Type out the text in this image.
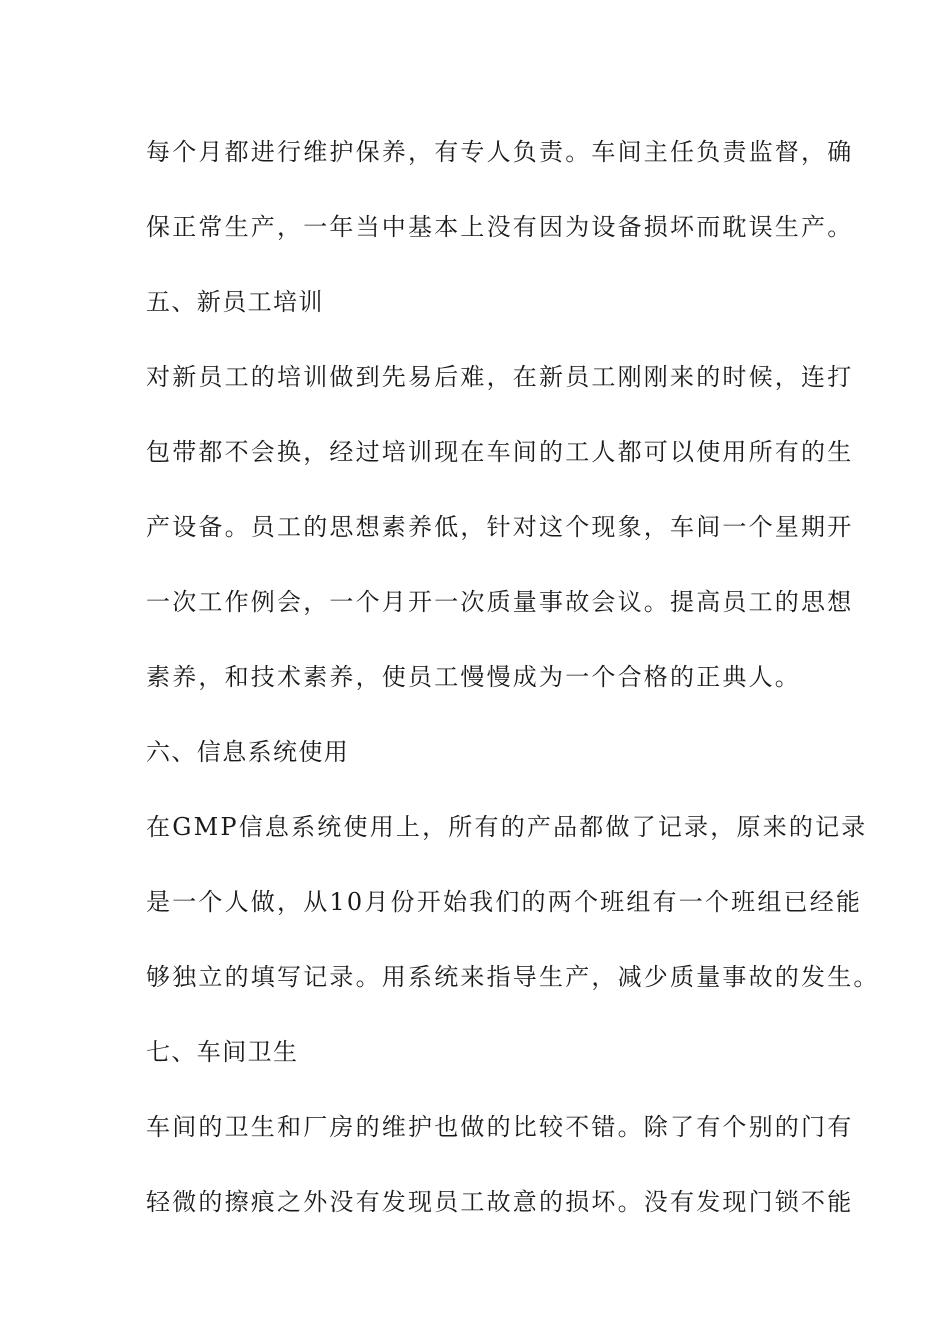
每个月都进行维护保养，有专人负责。车间主任负责监督，确
保正常生产，一年当中基本上没有因为设备损坏而耽误生产。
五、新员工培训
对新员工的培训做到先易后难，在新员工刚刚来的时候，连打
包带都不会换，经过培训现在车间的工人都可以使用所有的生
产设备。员工的思想素养低，针对这个现象，车间一个星期开
一次工作例会，一个月开一次质量事故会议。提高员工的思想
素养，和技术素养，使员工慢慢成为一个合格的正典人。
六、信息系统使用
在GMP信息系统使用上，所有的产品都做了记录，原来的记录
是一个人做，从10月份开始我们的两个班组有一个班组已经能
够独立的填写记录。用系统来指导生产，减少质量事故的发生。
七、车间卫生
车间的卫生和厂房的维护也做的比较不错。除了有个别的门有
轻微的擦痕之外没有发现员工故意的损坏。没有发现门锁不能
